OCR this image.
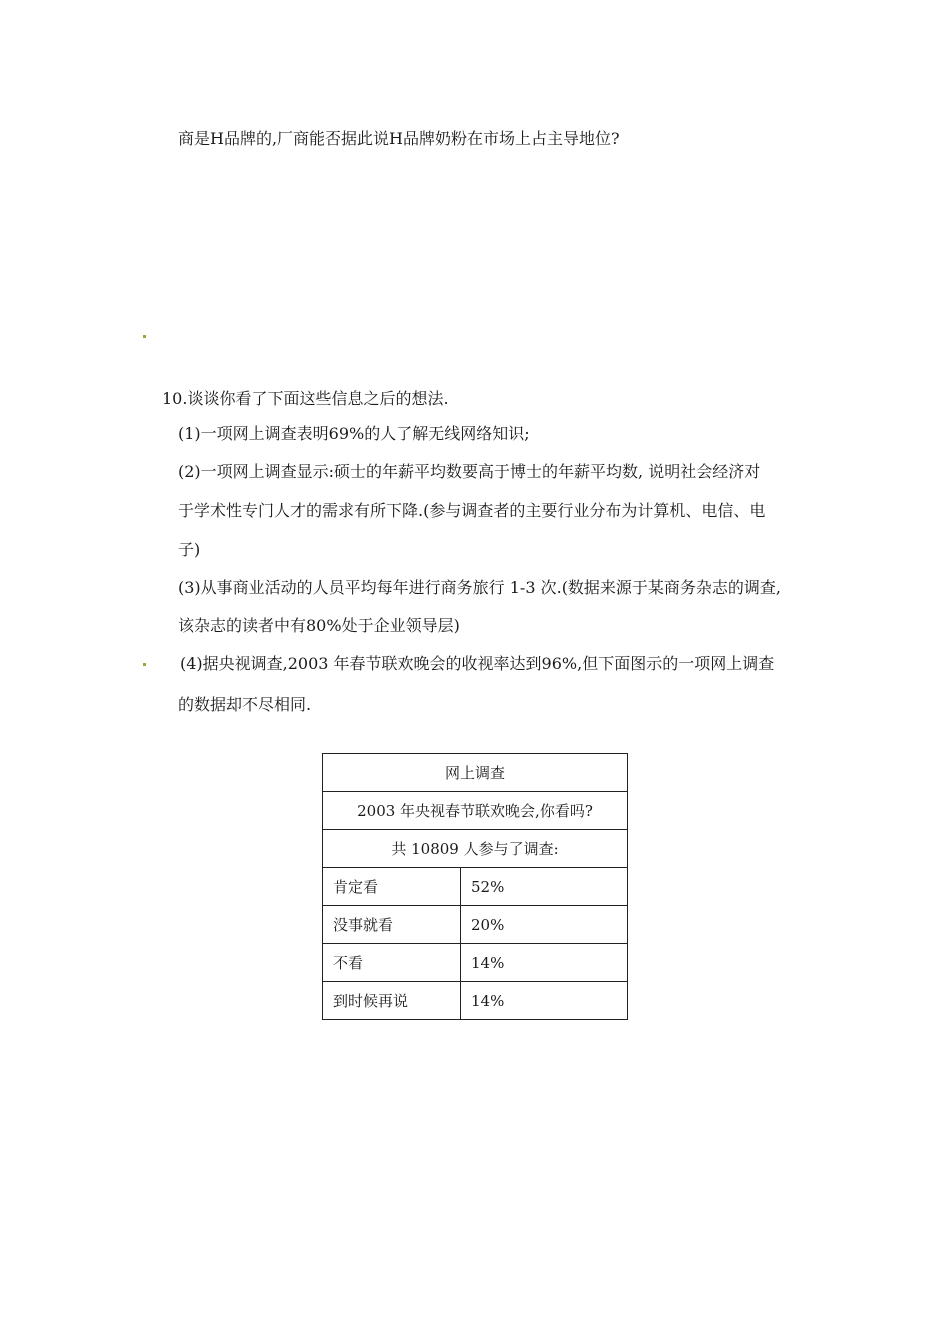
商是H品牌的,厂商能否据此说H品牌奶粉在市场上占主导地位?
10.谈谈你看了下面这些信息之后的想法.
(1)一项网上调查表明69%的人了解无线网络知识;
(2)一项网上调查显示:硕士的年薪平均数要高于博士的年薪平均数, 说明社会经济对
于学术性专门人才的需求有所下降.(参与调查者的主要行业分布为计算机、电信、电
子)
(3)从事商业活动的人员平均每年进行商务旅行 1-3 次.(数据来源于某商务杂志的调查,
该杂志的读者中有80%处于企业领导层)
(4)据央视调查,2003 年春节联欢晚会的收视率达到96%,但下面图示的一项网上调查
的数据却不尽相同.
网上调查	
2003 年央视春节联欢晚会,你看吗?	
共 10809 人参与了调查:	
肯定看	52%
没事就看	20%
不看	14%
到时候再说	14%
